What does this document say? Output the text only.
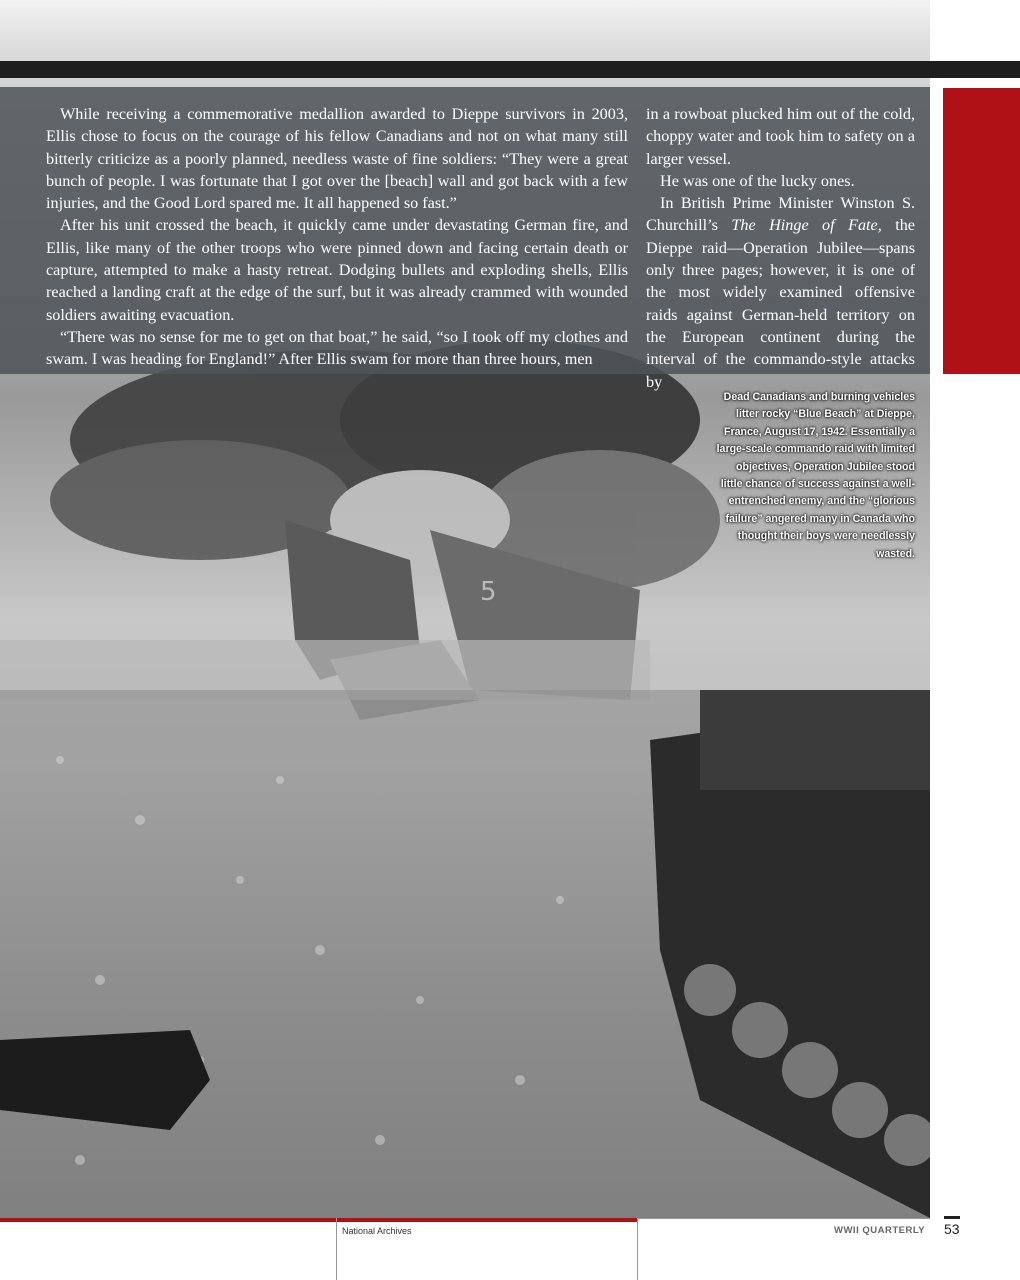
5

While receiving a commemorative medallion awarded to Dieppe survivors in 2003, Ellis chose to focus on the courage of his fellow Canadians and not on what many still bitterly criticize as a poorly planned, needless waste of fine soldiers: “They were a great bunch of people. I was fortunate that I got over the [beach] wall and got back with a few injuries, and the Good Lord spared me. It all happened so fast.”

After his unit crossed the beach, it quickly came under devastating German fire, and Ellis, like many of the other troops who were pinned down and facing certain death or capture, attempted to make a hasty retreat. Dodging bullets and exploding shells, Ellis reached a landing craft at the edge of the surf, but it was already crammed with wounded soldiers awaiting evacuation.

“There was no sense for me to get on that boat,” he said, “so I took off my clothes and swam. I was heading for England!” After Ellis swam for more than three hours, men

in a rowboat plucked him out of the cold, choppy water and took him to safety on a larger vessel.

He was one of the lucky ones.

In British Prime Minister Winston S. Churchill’s The Hinge of Fate, the Dieppe raid—Operation Jubilee—spans only three pages; however, it is one of the most widely examined offensive raids against German-held territory on the European continent during the interval of the commando-style attacks by

Dead Canadians and burning vehicles litter rocky “Blue Beach” at Dieppe, France, August 17, 1942. Essentially a large-scale commando raid with limited objectives, Operation Jubilee stood little chance of success against a well-entrenched enemy, and the “glorious failure” angered many in Canada who thought their boys were needlessly wasted.
National Archives	WWII QUARTERLY 53
